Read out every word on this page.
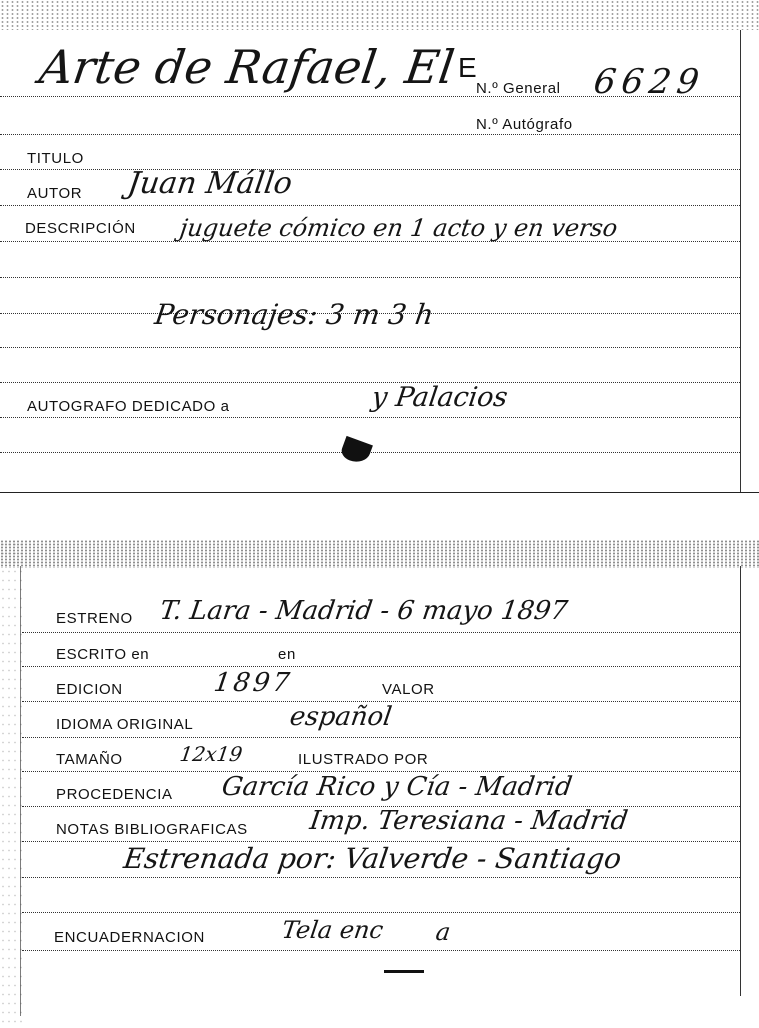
Arte de Rafael, El E
N.º General 6629
N.º Autógrafo
TITULO
AUTOR Juan Mállo
DESCRIPCIÓN juguete cómico en 1 acto y en verso
Personajes: 3 m 3 h
AUTOGRAFO DEDICADO a	y Palacios
ESTRENO T. Lara - Madrid - 6 mayo 1897
ESCRITO en	en
EDICION	1897	VALOR
IDIOMA ORIGINAL	español
TAMAÑO	12x19	ILUSTRADO POR
PROCEDENCIA García Rico y Cía - Madrid
NOTAS BIBLIOGRAFICAS Imp. Teresiana - Madrid
Estrenada por: Valverde - Santiago
ENCUADERNACION	Tela enc a
